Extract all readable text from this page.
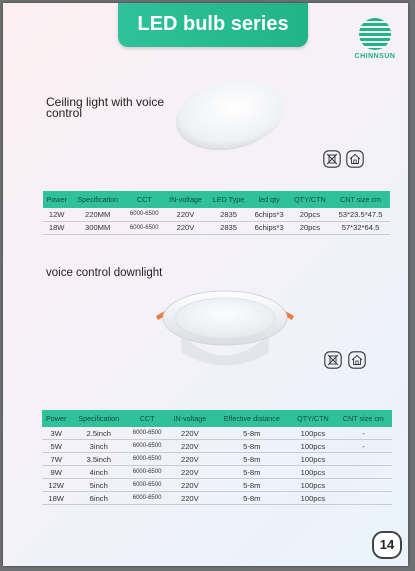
LED bulb series
CHINNSUN
Ceiling light with voice control
Power	Specification	CCT	IN-voltage	LED Type	led qty	QTY/CTN	CNT size cm
12W	220MM	6000-6500	220V	2835	6chips*3	20pcs	53*23.5*47.5
18W	300MM	6000-6500	220V	2835	6chips*3	20pcs	57*32*64.5
voice control downlight
Power	Specification	CCT	IN-voltage	Effective distance	QTY/CTN	CNT size cm
3W	2.5inch	6000-6500	220V	5-8m	100pcs	-
5W	3inch	6000-6500	220V	5-8m	100pcs	-
7W	3.5inch	6000-6500	220V	5-8m	100pcs	
9W	4inch	6000-6500	220V	5-8m	100pcs	
12W	5inch	6000-6500	220V	5-8m	100pcs	
18W	6inch	6000-6500	220V	5-8m	100pcs	
14
